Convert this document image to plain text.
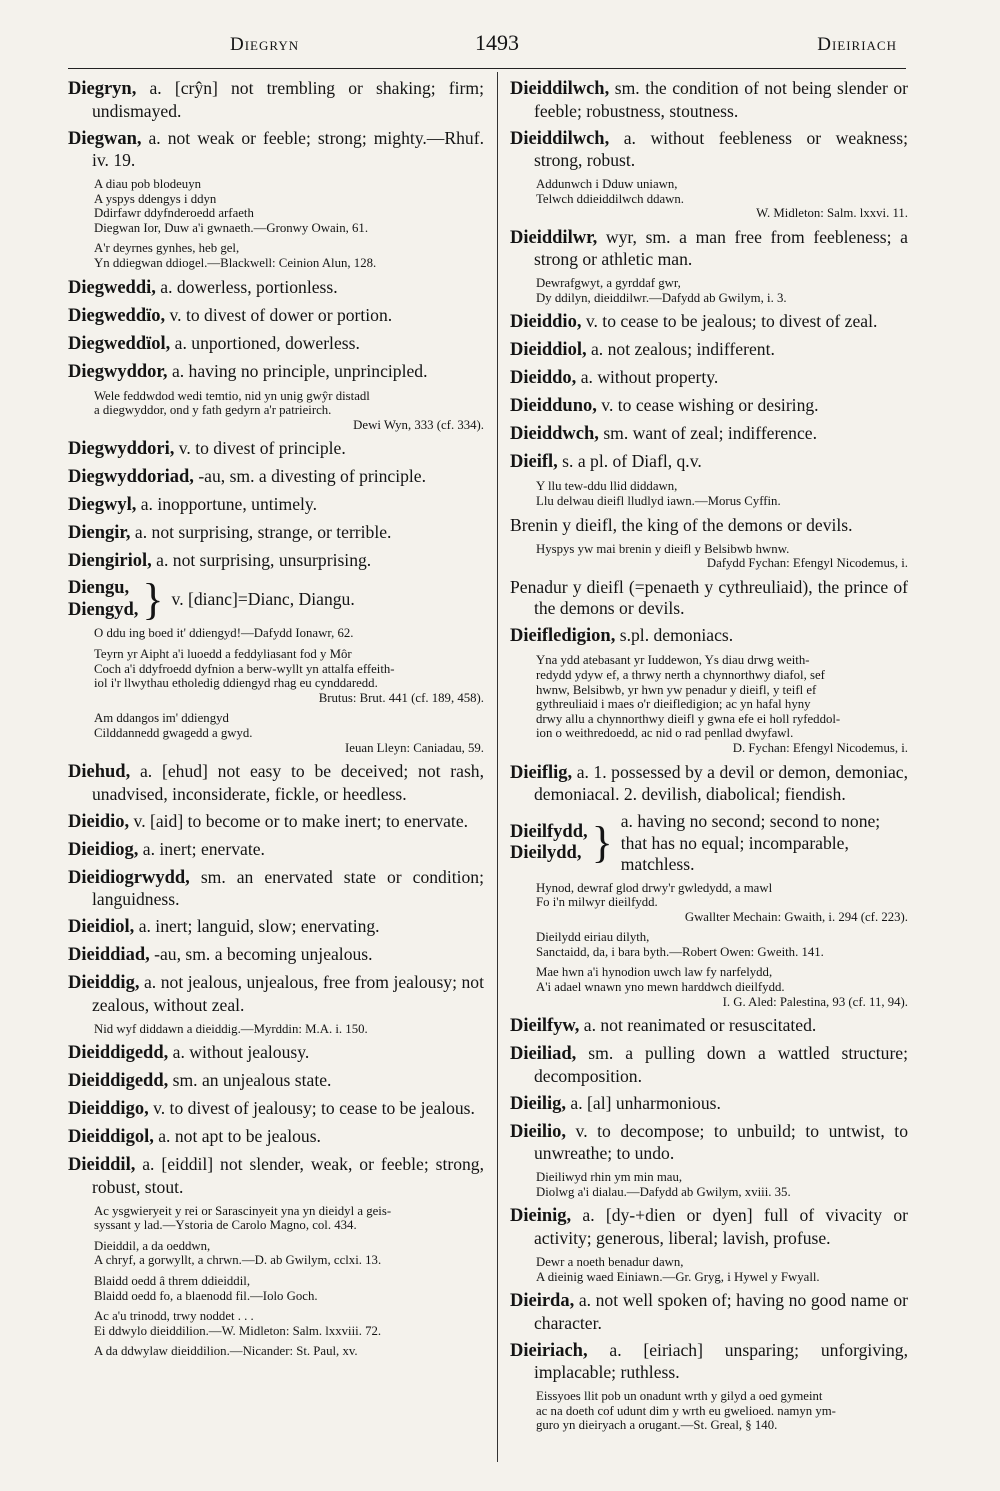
Diegryn	1493	Dieiriach

Diegryn, a. [crŷn] not trembling or shaking; firm; undismayed.

Diegwan, a. not weak or feeble; strong; mighty.—Rhuf. iv. 19.

A diau pob blodeuyn
A yspys ddengys i ddyn
Ddirfawr ddyfnderoedd arfaeth
Diegwan Ior, Duw a'i gwnaeth.—Gronwy Owain, 61.
A'r deyrnes gynhes, heb gel,
Yn ddiegwan ddiogel.—Blackwell: Ceinion Alun, 128.

Diegweddi, a. dowerless, portionless.

Diegweddïo, v. to divest of dower or portion.

Diegweddïol, a. unportioned, dowerless.

Diegwyddor, a. having no principle, unprincipled.

Wele feddwdod wedi temtio, nid yn unig gwŷr distadl
a diegwyddor, ond y fath gedyrn a'r patrieirch.
Dewi Wyn, 333 (cf. 334).

Diegwyddori, v. to divest of principle.

Diegwyddoriad, -au, sm. a divesting of principle.

Diegwyl, a. inopportune, untimely.

Diengir, a. not surprising, strange, or terrible.

Diengiriol, a. not surprising, unsurprising.

Diengu,
Diengyd, } v. [dianc]=Dianc, Diangu.
O ddu ing boed it' ddiengyd!—Dafydd Ionawr, 62.
Teyrn yr Aipht a'i luoedd a feddyliasant fod y Môr
Coch a'i ddyfroedd dyfnion a berw-wyllt yn attalfa effeith-
iol i'r llwythau etholedig ddiengyd rhag eu cynddaredd.
Brutus: Brut. 441 (cf. 189, 458).
Am ddangos im' ddiengyd
Cilddannedd gwagedd a gwyd.
Ieuan Lleyn: Caniadau, 59.

Diehud, a. [ehud] not easy to be deceived; not rash, unadvised, inconsiderate, fickle, or heedless.

Dieidio, v. [aid] to become or to make inert; to enervate.

Dieidiog, a. inert; enervate.

Dieidiogrwydd, sm. an enervated state or condition; languidness.

Dieidiol, a. inert; languid, slow; enervating.

Dieiddiad, -au, sm. a becoming unjealous.

Dieiddig, a. not jealous, unjealous, free from jealousy; not zealous, without zeal.

Nid wyf diddawn a dieiddig.—Myrddin: M.A. i. 150.

Dieiddigedd, a. without jealousy.

Dieiddigedd, sm. an unjealous state.

Dieiddigo, v. to divest of jealousy; to cease to be jealous.

Dieiddigol, a. not apt to be jealous.

Dieiddil, a. [eiddil] not slender, weak, or feeble; strong, robust, stout.

Ac ysgwieryeit y rei or Sarascinyeit yna yn dieidyl a geis-
syssant y lad.—Ystoria de Carolo Magno, col. 434.
Dieiddil, a da oeddwn,
A chryf, a gorwyllt, a chrwn.—D. ab Gwilym, cclxi. 13.
Blaidd oedd â threm ddieiddil,
Blaidd oedd fo, a blaenodd fil.—Iolo Goch.
Ac a'u trinodd, trwy noddet . . .
Ei ddwylo dieiddilion.—W. Midleton: Salm. lxxviii. 72.
A da ddwylaw dieiddilion.—Nicander: St. Paul, xv.

Dieiddilwch, sm. the condition of not being slender or feeble; robustness, stoutness.

Dieiddilwch, a. without feebleness or weakness; strong, robust.

Addunwch i Dduw uniawn,
Telwch ddieiddilwch ddawn.
W. Midleton: Salm. lxxvi. 11.

Dieiddilwr, wyr, sm. a man free from feebleness; a strong or athletic man.

Dewrafgwyt, a gyrddaf gwr,
Dy ddilyn, dieiddilwr.—Dafydd ab Gwilym, i. 3.

Dieiddio, v. to cease to be jealous; to divest of zeal.

Dieiddiol, a. not zealous; indifferent.

Dieiddo, a. without property.

Dieidduno, v. to cease wishing or desiring.

Dieiddwch, sm. want of zeal; indifference.

Dieifl, s. a pl. of Diafl, q.v.

Y llu tew-ddu llid diddawn,
Llu delwau dieifl lludlyd iawn.—Morus Cyffin.

Brenin y dieifl, the king of the demons or devils.

Hyspys yw mai brenin y dieifl y Belsibwb hwnw.
Dafydd Fychan: Efengyl Nicodemus, i.

Penadur y dieifl (=penaeth y cythreuliaid), the prince of the demons or devils.

Dieifledigion, s.pl. demoniacs.

Yna ydd atebasant yr Iuddewon, Ys diau drwg weith-
redydd ydyw ef, a thrwy nerth a chynnorthwy diafol, sef
hwnw, Belsibwb, yr hwn yw penadur y dieifl, y teifl ef
gythreuliaid i maes o'r dieifledigion; ac yn hafal hyny
drwy allu a chynnorthwy dieifl y gwna efe ei holl ryfeddol-
ion o weithredoedd, ac nid o rad penllad dwyfawl.
D. Fychan: Efengyl Nicodemus, i.

Dieiflig, a. 1. possessed by a devil or demon, demoniac, demoniacal. 2. devilish, diabolical; fiendish.

Dieilfydd,
Dieilydd, } a. having no second; second to none; that has no equal; incomparable, matchless.
Hynod, dewraf glod drwy'r gwledydd, a mawl
Fo i'n milwyr dieilfydd.
Gwallter Mechain: Gwaith, i. 294 (cf. 223).
Dieilydd eiriau dilyth,
Sanctaidd, da, i bara byth.—Robert Owen: Gweith. 141.
Mae hwn a'i hynodion uwch law fy narfelydd,
A'i adael wnawn yno mewn harddwch dieilfydd.
I. G. Aled: Palestina, 93 (cf. 11, 94).

Dieilfyw, a. not reanimated or resuscitated.

Dieiliad, sm. a pulling down a wattled structure; decomposition.

Dieilig, a. [al] unharmonious.

Dieilio, v. to decompose; to unbuild; to untwist, to unwreathe; to undo.

Dieiliwyd rhin ym min mau,
Diolwg a'i dialau.—Dafydd ab Gwilym, xviii. 35.

Dieinig, a. [dy-+dien or dyen] full of vivacity or activity; generous, liberal; lavish, profuse.

Dewr a noeth benadur dawn,
A dieinig waed Einiawn.—Gr. Gryg, i Hywel y Fwyall.

Dieirda, a. not well spoken of; having no good name or character.

Dieiriach, a. [eiriach] unsparing; unforgiving, implacable; ruthless.

Eissyoes llit pob un onadunt wrth y gilyd a oed gymeint
ac na doeth cof udunt dim y wrth eu gwelioed. namyn ym-
guro yn dieiryach a orugant.—St. Greal, § 140.
